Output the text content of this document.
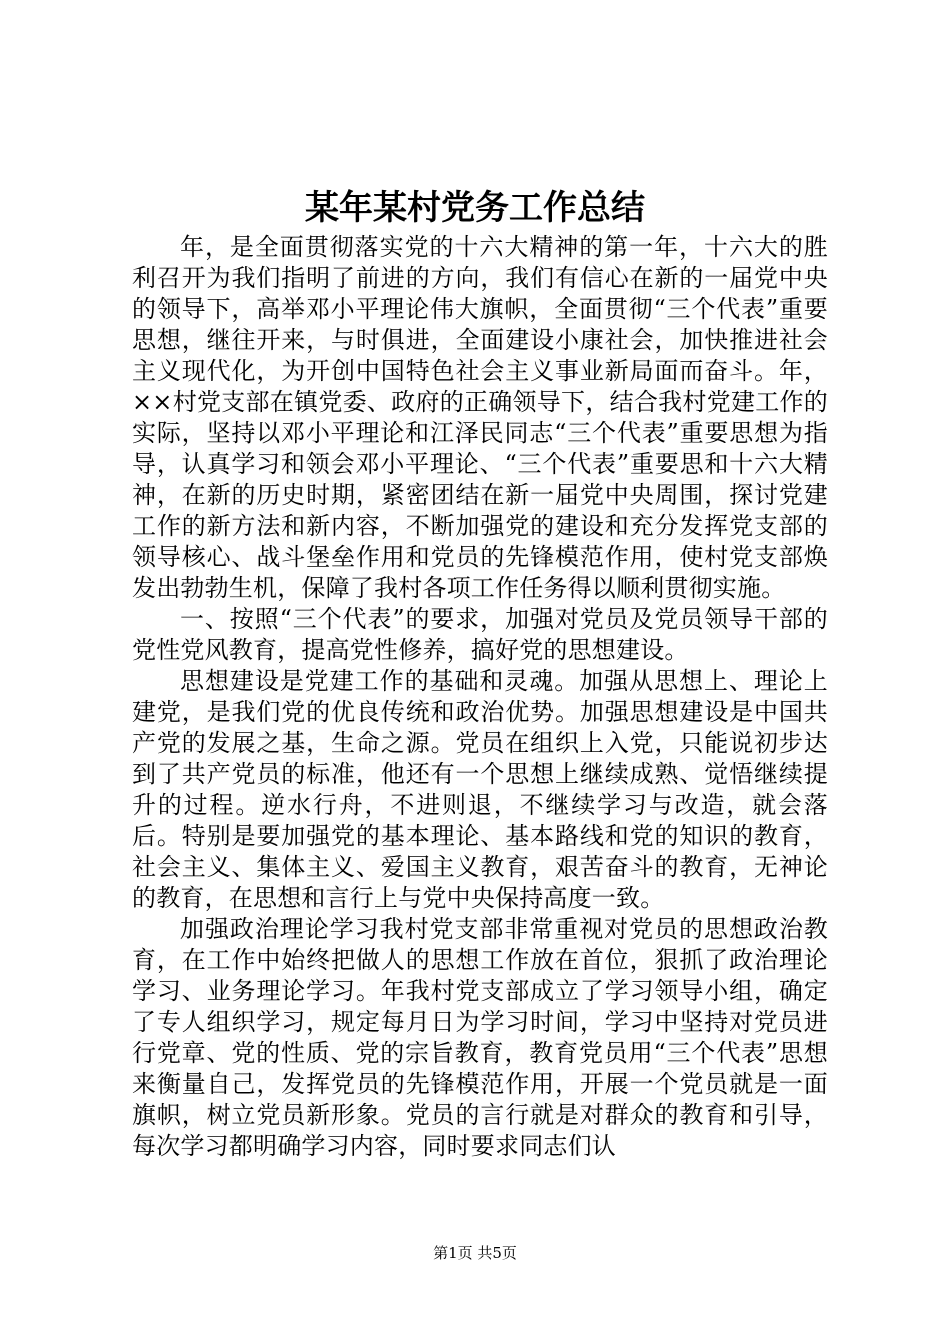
某年某村党务工作总结

年，是全面贯彻落实党的十六大精神的第一年，十六大的胜利召开为我们指明了前进的方向，我们有信心在新的一届党中央的领导下，高举邓小平理论伟大旗帜，全面贯彻“三个代表”重要思想，继往开来，与时俱进，全面建设小康社会，加快推进社会主义现代化，为开创中国特色社会主义事业新局面而奋斗。年，××村党支部在镇党委、政府的正确领导下，结合我村党建工作的实际，坚持以邓小平理论和江泽民同志“三个代表”重要思想为指导，认真学习和领会邓小平理论、“三个代表”重要思和十六大精神，在新的历史时期，紧密团结在新一届党中央周围，探讨党建工作的新方法和新内容，不断加强党的建设和充分发挥党支部的领导核心、战斗堡垒作用和党员的先锋模范作用，使村党支部焕发出勃勃生机，保障了我村各项工作任务得以顺利贯彻实施。

一、按照“三个代表”的要求，加强对党员及党员领导干部的党性党风教育，提高党性修养，搞好党的思想建设。

思想建设是党建工作的基础和灵魂。加强从思想上、理论上建党，是我们党的优良传统和政治优势。加强思想建设是中国共产党的发展之基，生命之源。党员在组织上入党，只能说初步达到了共产党员的标准，他还有一个思想上继续成熟、觉悟继续提升的过程。逆水行舟，不进则退，不继续学习与改造，就会落后。特别是要加强党的基本理论、基本路线和党的知识的教育，社会主义、集体主义、爱国主义教育，艰苦奋斗的教育，无神论的教育，在思想和言行上与党中央保持高度一致。

加强政治理论学习我村党支部非常重视对党员的思想政治教育，在工作中始终把做人的思想工作放在首位，狠抓了政治理论学习、业务理论学习。年我村党支部成立了学习领导小组，确定了专人组织学习，规定每月日为学习时间，学习中坚持对党员进行党章、党的性质、党的宗旨教育，教育党员用“三个代表”思想来衡量自己，发挥党员的先锋模范作用，开展一个党员就是一面旗帜，树立党员新形象。党员的言行就是对群众的教育和引导，每次学习都明确学习内容，同时要求同志们认

第1页 共5页
